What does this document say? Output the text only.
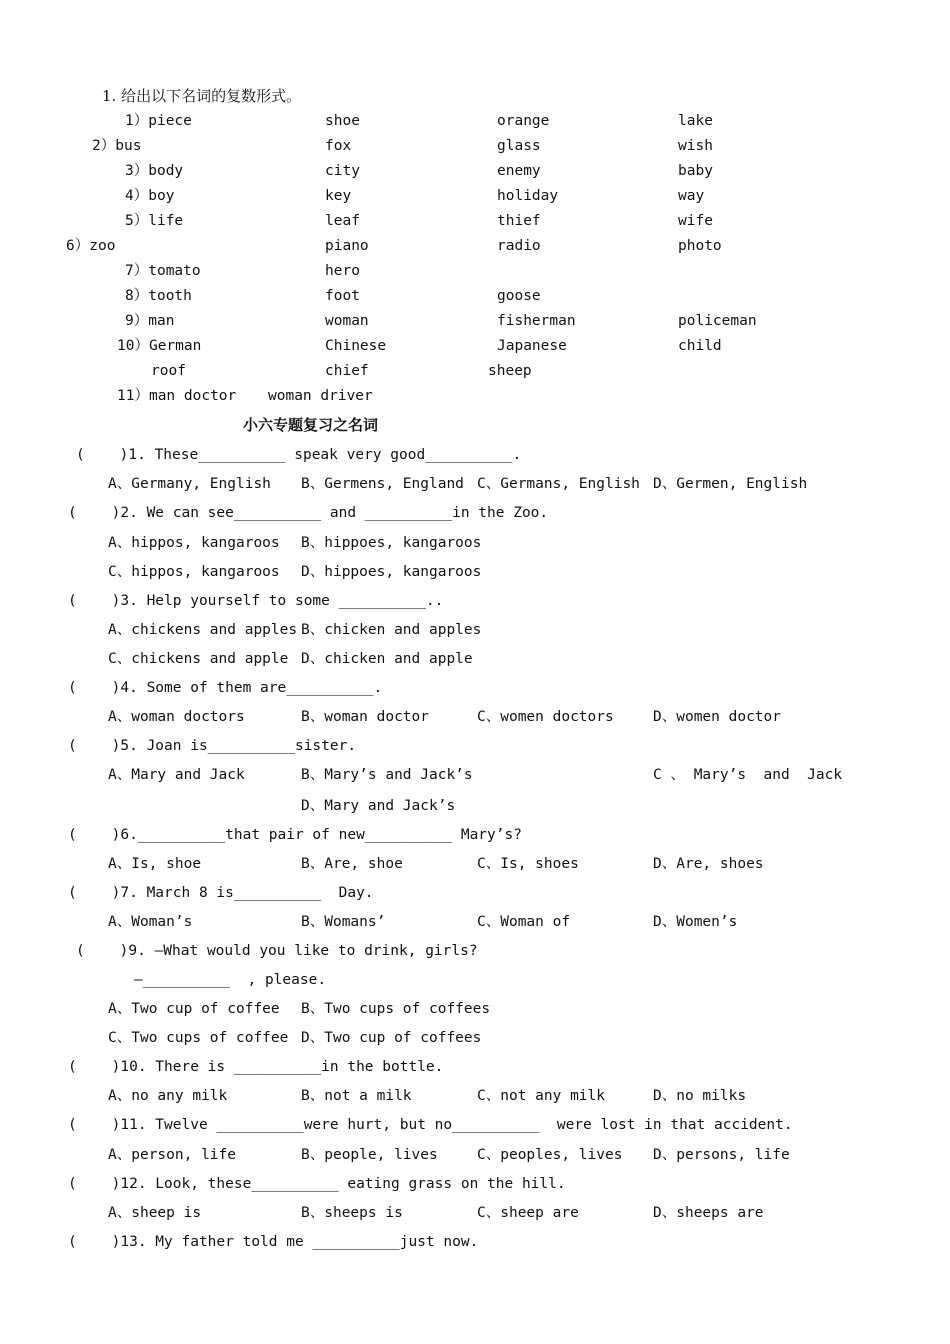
1. 给出以下名词的复数形式。
1）piece	shoe	orange	lake
2）bus	fox	glass	wish
3）body	city	enemy	baby
4）boy	key	holiday	way
5）life	leaf	thief	wife
6）zoo	piano	radio	photo
7）tomato	hero
8）tooth	foot	goose
9）man	woman	fisherman	policeman
10）German	Chinese	Japanese	child
roof	chief	sheep
11）man doctor woman driver
小六专题复习之名词
(    )1. These__________ speak very good__________.
A、Germany, English B、Germens, England C、Germans, English D、Germen, English
(    )2. We can see__________ and __________in the Zoo.
A、hippos, kangaroos B、hippoes, kangaroos
C、hippos, kangaroos D、hippoes, kangaroos
(    )3. Help yourself to some __________..
A、chickens and apples B、chicken and apples
C、chickens and apple D、chicken and apple
(    )4. Some of them are__________.
A、woman doctors	B、woman doctor	C、women doctors	D、women doctor
(    )5. Joan is__________sister.
A、Mary and Jack	B、Mary’s and Jack’s	C 、 Mary’s  and  Jack
D、Mary and Jack’s
(    )6.__________that pair of new__________ Mary’s?
A、Is, shoe	B、Are, shoe	C、Is, shoes	D、Are, shoes
(    )7. March 8 is__________  Day.
A、Woman’s	B、Womans’	C、Woman of	D、Women’s
(    )9. —What would you like to drink, girls?
—__________  , please.
A、Two cup of coffee B、Two cups of coffees
C、Two cups of coffee D、Two cup of coffees
(    )10. There is __________in the bottle.
A、no any milk	B、not a milk	C、not any milk	D、no milks
(    )11. Twelve __________were hurt, but no__________  were lost in that accident.
A、person, life	B、people, lives	C、peoples, lives D、persons, life
(    )12. Look, these__________ eating grass on the hill.
A、sheep is	B、sheeps is	C、sheep are	D、sheeps are
(    )13. My father told me __________just now.
